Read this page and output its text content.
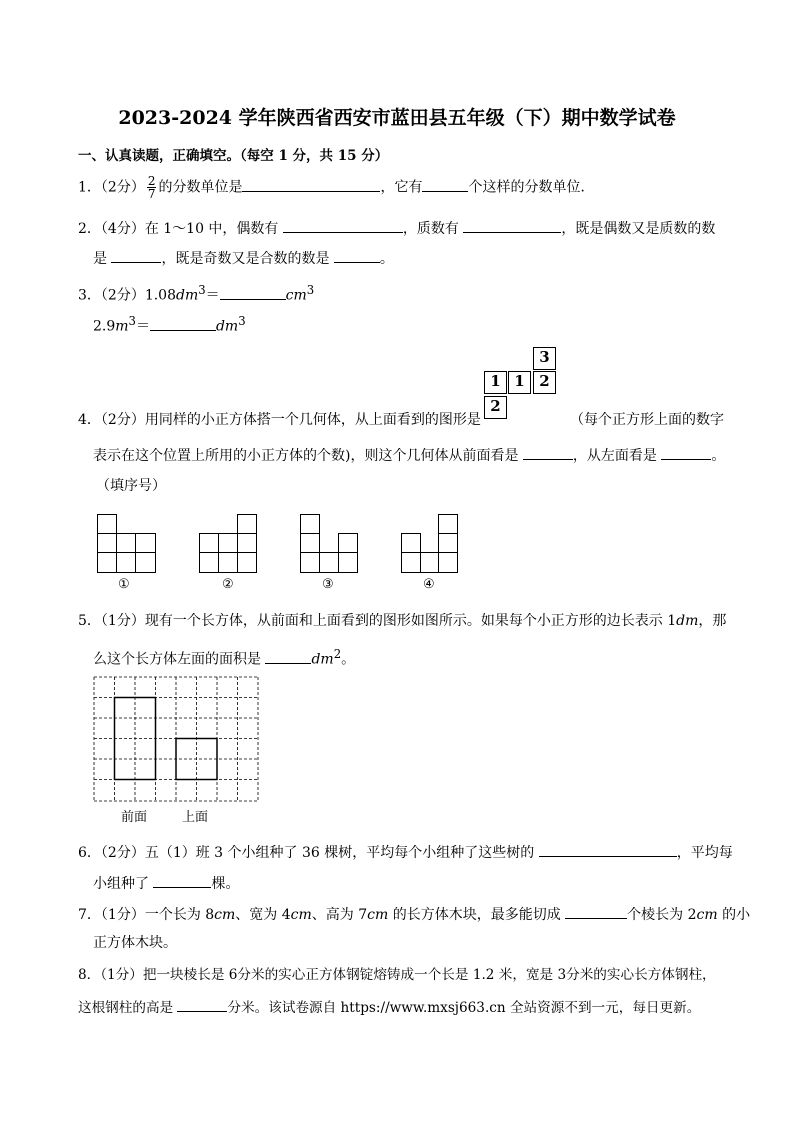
2023-2024 学年陕西省西安市蓝田县五年级（下）期中数学试卷
一、认真读题，正确填空。（每空 1 分，共 15 分）
1．（2分） $\frac{2}{7}$ 的分数单位是	，它有	个这样的分数单位．
2．（4分）在 1～10 中，偶数有	，质数有	，既是偶数又是质数的数
是	，既是奇数又是合数的数是	。
3．（2分）$1.08dm^3=$	$cm^3$
$2.9m^3=$	$dm^3$
3
1 1 2
2
4．（2分）用同样的小正方体搭一个几何体，从上面看到的图形是	（每个正方形上面的数字
表示在这个位置上所用的小正方体的个数)，则这个几何体从前面看是	，从左面看是	。
（填序号）
①	②	③	④
5．（1分）现有一个长方体，从前面和上面看到的图形如图所示。如果每个小正方形的边长表示 1dm，那
么这个长方体左面的面积是	$dm^2$。
前面	上面
6．（2分）五（1）班 3 个小组种了 36 棵树，平均每个小组种了这些树的	，平均每
小组种了	棵。
7．（1分）一个长为 8cm、宽为 4cm、高为 7cm 的长方体木块，最多能切成	个棱长为 2cm 的小
正方体木块。
8．（1分）把一块棱长是 6分米的实心正方体钢锭熔铸成一个长是 1.2 米，宽是 3分米的实心长方体钢柱，
这根钢柱的高是	分米。该试卷源自 https://www.mxsj663.cn 全站资源不到一元，每日更新。
